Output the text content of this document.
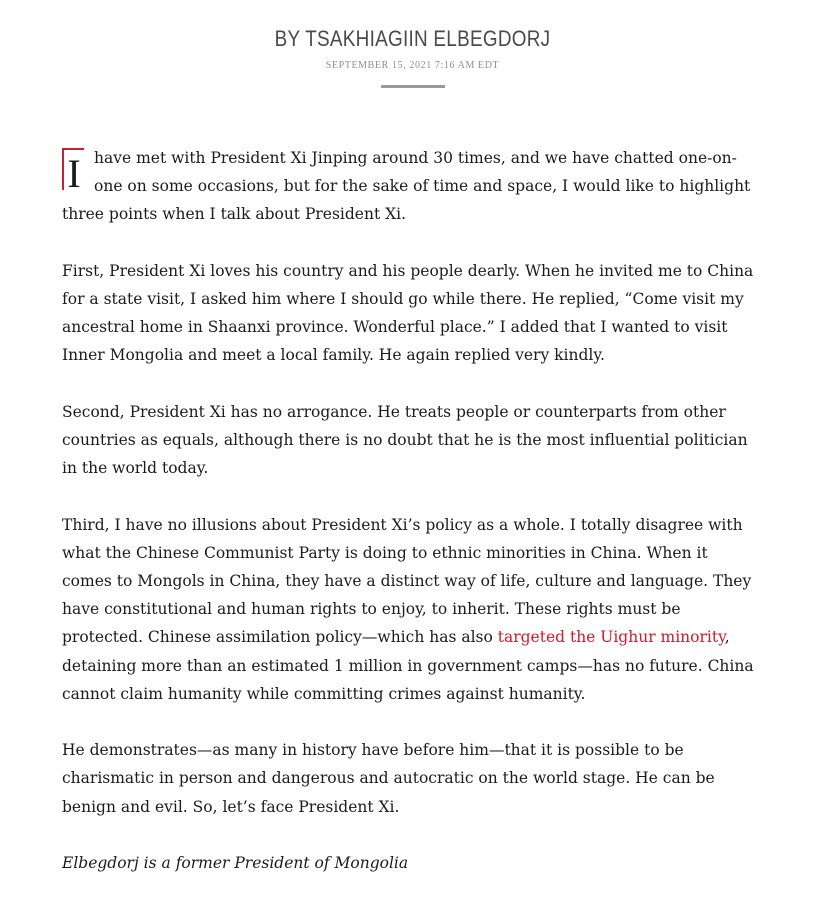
BY TSAKHIAGIIN ELBEGDORJ
SEPTEMBER 15, 2021 7:16 AM EDT

I have met with President Xi Jinping around 30 times, and we have chatted one-on-one on some occasions, but for the sake of time and space, I would like to highlight three points when I talk about President Xi.

First, President Xi loves his country and his people dearly. When he invited me to China for a state visit, I asked him where I should go while there. He replied, “Come visit my ancestral home in Shaanxi province. Wonderful place.” I added that I wanted to visit Inner Mongolia and meet a local family. He again replied very kindly.

Second, President Xi has no arrogance. He treats people or counterparts from other countries as equals, although there is no doubt that he is the most influential politician in the world today.

Third, I have no illusions about President Xi’s policy as a whole. I totally disagree with what the Chinese Communist Party is doing to ethnic minorities in China. When it comes to Mongols in China, they have a distinct way of life, culture and language. They have constitutional and human rights to enjoy, to inherit. These rights must be protected. Chinese assimilation policy—which has also targeted the Uighur minority, detaining more than an estimated 1 million in government camps—has no future. China cannot claim humanity while committing crimes against humanity.

He demonstrates—as many in history have before him—that it is possible to be charismatic in person and dangerous and autocratic on the world stage. He can be benign and evil. So, let’s face President Xi.

Elbegdorj is a former President of Mongolia
